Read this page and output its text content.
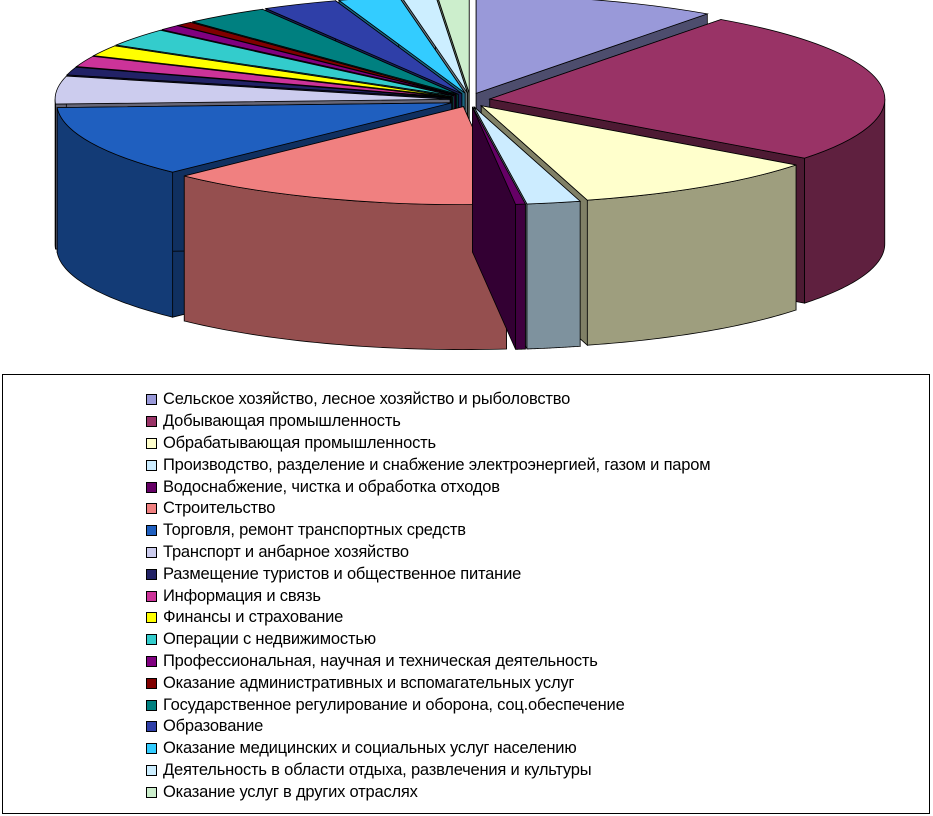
Сельское хозяйство, лесное хозяйство и рыболовство
Добывающая промышленность
Обрабатывающая промышленность
Производство, разделение и снабжение электроэнергией, газом и паром
Водоснабжение, чистка и обработка отходов
Строительство
Торговля, ремонт транспортных средств
Транспорт и анбарное хозяйство
Размещение туристов и общественное питание
Информация и связь
Финансы и страхование
Операции с недвижимостью
Профессиональная, научная и техническая деятельность
Оказание административных и вспомагательных услуг
Государственное регулирование и оборона, соц.обеспечение
Образование
Оказание медицинских и социальных услуг населению
Деятельность в области отдыха, развлечения и культуры
Оказание услуг в других отраслях
